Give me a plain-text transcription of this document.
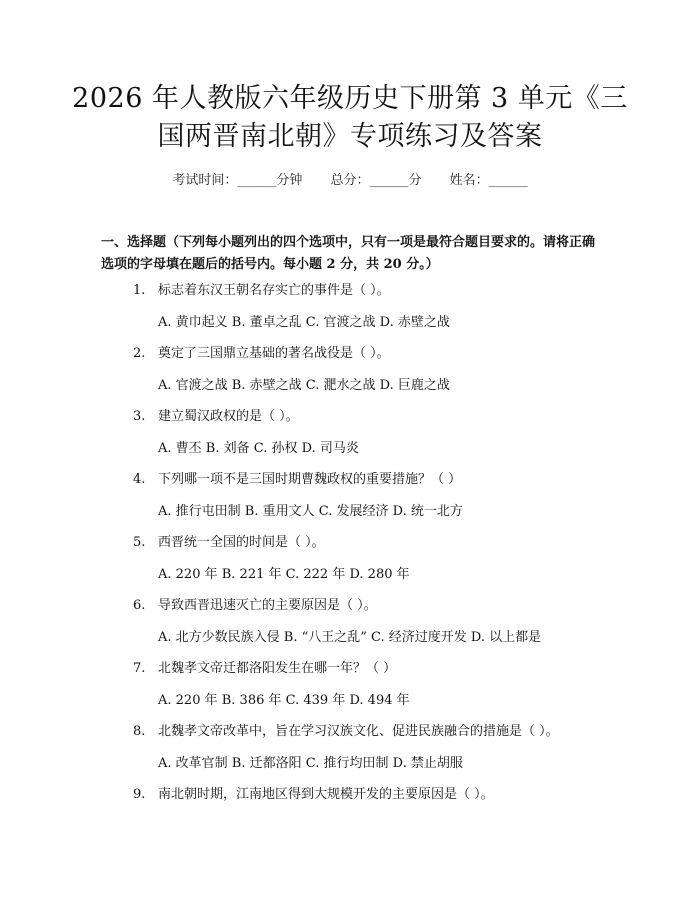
2026 年人教版六年级历史下册第 3 单元《三
国两晋南北朝》专项练习及答案
考试时间：______分钟 总分：______分 姓名：______
一、选择题（下列每小题列出的四个选项中，只有一项是最符合题目要求的。请将正确选项的字母填在题后的括号内。每小题 2 分，共 20 分。）
1. 标志着东汉王朝名存实亡的事件是（ ）。
A. 黄巾起义 B. 董卓之乱 C. 官渡之战 D. 赤壁之战
2. 奠定了三国鼎立基础的著名战役是（ ）。
A. 官渡之战 B. 赤壁之战 C. 淝水之战 D. 巨鹿之战
3. 建立蜀汉政权的是（ ）。
A. 曹丕 B. 刘备 C. 孙权 D. 司马炎
4. 下列哪一项不是三国时期曹魏政权的重要措施？（ ）
A. 推行屯田制 B. 重用文人 C. 发展经济 D. 统一北方
5. 西晋统一全国的时间是（ ）。
A. 220 年 B. 221 年 C. 222 年 D. 280 年
6. 导致西晋迅速灭亡的主要原因是（ ）。
A. 北方少数民族入侵 B. “八王之乱” C. 经济过度开发 D. 以上都是
7. 北魏孝文帝迁都洛阳发生在哪一年？（ ）
A. 220 年 B. 386 年 C. 439 年 D. 494 年
8. 北魏孝文帝改革中，旨在学习汉族文化、促进民族融合的措施是（ ）。
A. 改革官制 B. 迁都洛阳 C. 推行均田制 D. 禁止胡服
9. 南北朝时期，江南地区得到大规模开发的主要原因是（ ）。
